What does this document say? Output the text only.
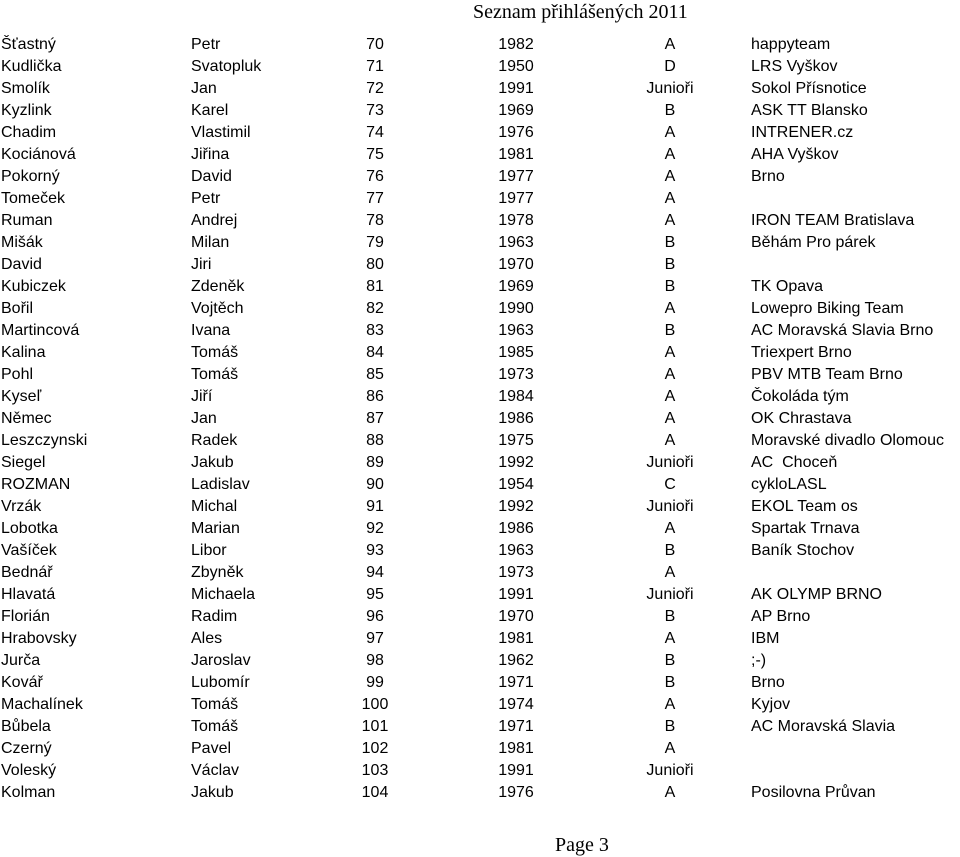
Seznam přihlášených 2011
Šťastný	Petr	70	1982	A	happyteam
Kudlička	Svatopluk	71	1950	D	LRS Vyškov
Smolík	Jan	72	1991	Junioři	Sokol Přísnotice
Kyzlink	Karel	73	1969	B	ASK TT Blansko
Chadim	Vlastimil	74	1976	A	INTRENER.cz
Kociánová	Jiřina	75	1981	A	AHA Vyškov
Pokorný	David	76	1977	A	Brno
Tomeček	Petr	77	1977	A
Ruman	Andrej	78	1978	A	IRON TEAM Bratislava
Mišák	Milan	79	1963	B	Běhám Pro párek
David	Jiri	80	1970	B
Kubiczek	Zdeněk	81	1969	B	TK Opava
Bořil	Vojtěch	82	1990	A	Lowepro Biking Team
Martincová	Ivana	83	1963	B	AC Moravská Slavia Brno
Kalina	Tomáš	84	1985	A	Triexpert Brno
Pohl	Tomáš	85	1973	A	PBV MTB Team Brno
Kyseľ	Jiří	86	1984	A	Čokoláda tým
Němec	Jan	87	1986	A	OK Chrastava
Leszczynski	Radek	88	1975	A	Moravské divadlo Olomouc
Siegel	Jakub	89	1992	Junioři	AC  Choceň
ROZMAN	Ladislav	90	1954	C	cykloLASL
Vrzák	Michal	91	1992	Junioři	EKOL Team os
Lobotka	Marian	92	1986	A	Spartak Trnava
Vašíček	Libor	93	1963	B	Baník Stochov
Bednář	Zbyněk	94	1973	A
Hlavatá	Michaela	95	1991	Junioři	AK OLYMP BRNO
Florián	Radim	96	1970	B	AP Brno
Hrabovsky	Ales	97	1981	A	IBM
Jurča	Jaroslav	98	1962	B	;-)
Kovář	Lubomír	99	1971	B	Brno
Machalínek	Tomáš	100	1974	A	Kyjov
Bůbela	Tomáš	101	1971	B	AC Moravská Slavia
Czerný	Pavel	102	1981	A
Voleský	Václav	103	1991	Junioři
Kolman	Jakub	104	1976	A	Posilovna Průvan
Page 3
